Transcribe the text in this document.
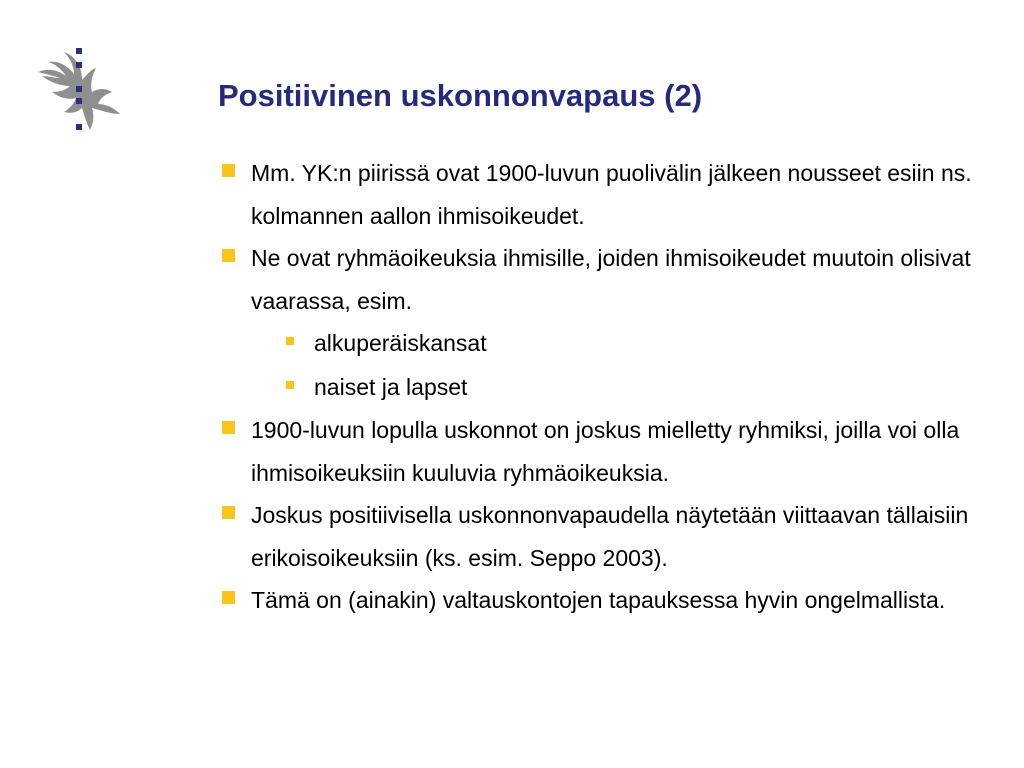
Positiivinen uskonnonvapaus (2)
Mm. YK:n piirissä ovat 1900-luvun puolivälin jälkeen nousseet esiin ns. kolmannen aallon ihmisoikeudet.
Ne ovat ryhmäoikeuksia ihmisille, joiden ihmisoikeudet muutoin olisivat vaarassa, esim.
alkuperäiskansat
naiset ja lapset
1900-luvun lopulla uskonnot on joskus mielletty ryhmiksi, joilla voi olla ihmisoikeuksiin kuuluvia ryhmäoikeuksia.
Joskus positiivisella uskonnonvapaudella näytetään viittaavan tällaisiin erikoisoikeuksiin (ks. esim. Seppo 2003).
Tämä on (ainakin) valtauskontojen tapauksessa hyvin ongelmallista.
